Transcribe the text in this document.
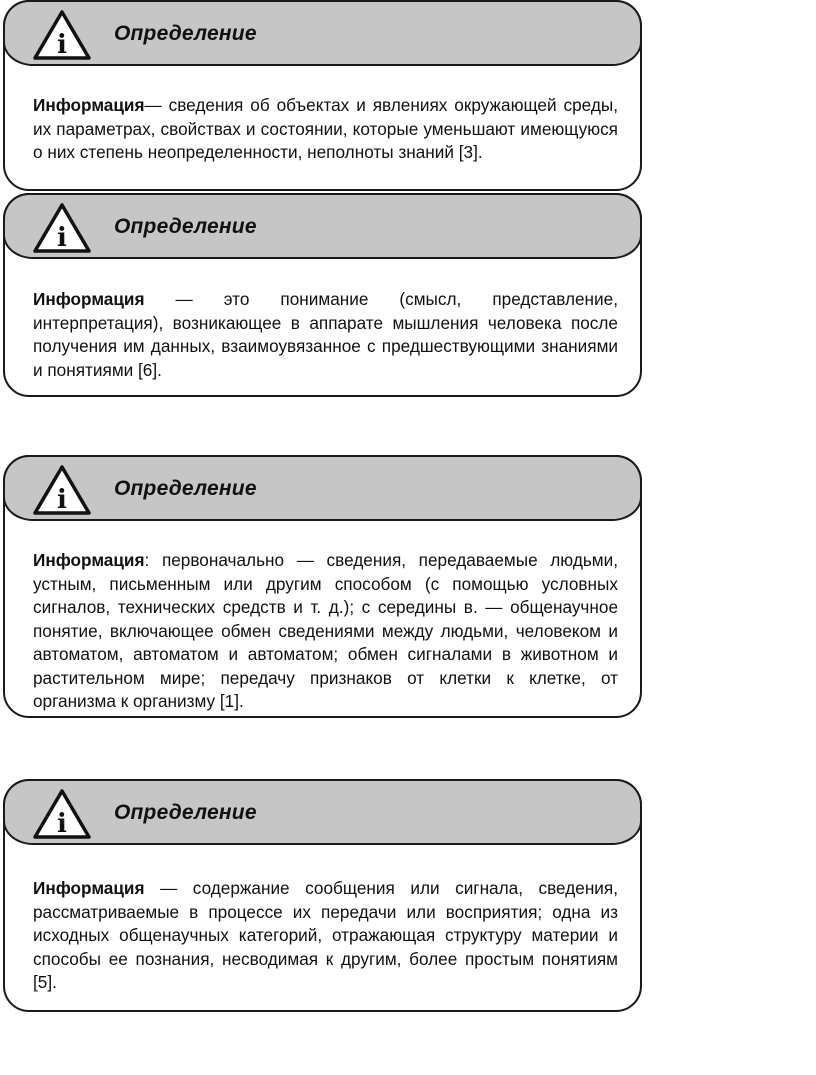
i Определение
Информация— сведения об объектах и явлениях окружающей среды, их параметрах, свойствах и состоянии, которые уменьшают имеющуюся о них степень неопределенности, неполноты знаний [3].
i Определение
Информация — это понимание (смысл, представление, интерпретация), возникающее в аппарате мышления человека после получения им данных, взаимоувязанное с предшествующими знаниями и понятиями [6].
i Определение
Информация: первоначально — сведения, передаваемые людьми, устным, письменным или другим способом (с помощью условных сигналов, технических средств и т. д.); с середины в. — общенаучное понятие, включающее обмен сведениями между людьми, человеком и автоматом, автоматом и автоматом; обмен сигналами в животном и растительном мире; передачу признаков от клетки к клетке, от организма к организму [1].
i Определение
Информация — содержание сообщения или сигнала, сведения, рассматриваемые в процессе их передачи или восприятия; одна из исходных общенаучных категорий, отражающая структуру материи и способы ее познания, несводимая к другим, более простым понятиям [5].
